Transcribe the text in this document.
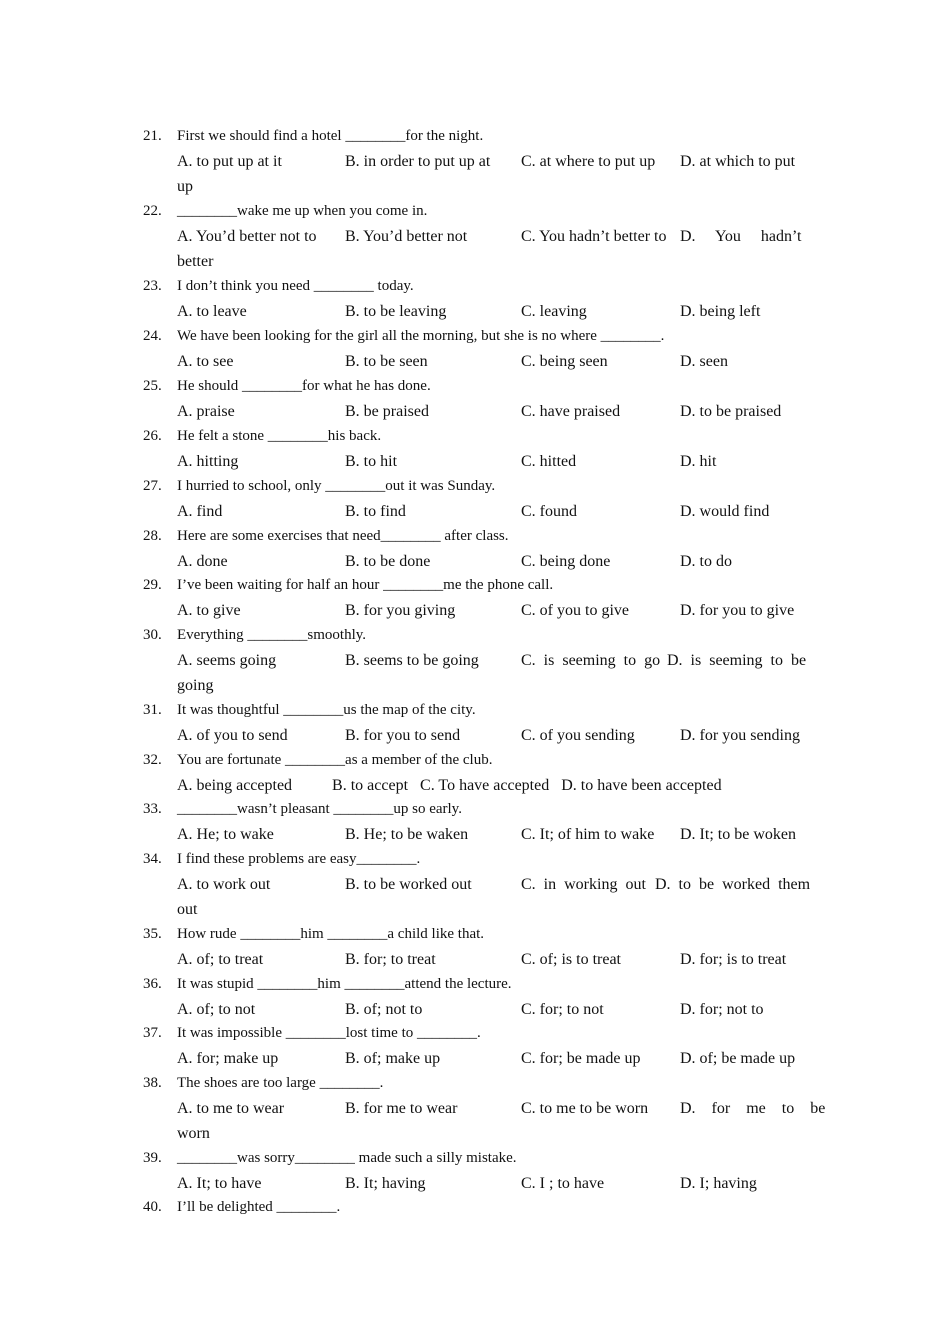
21. First we should find a hotel ________for the night.
A. to put up at it	B. in order to put up at C. at where to put up D. at which to put
up
22. ________wake me up when you come in.
A. You’d better not to B. You’d better not	C. You hadn’t better to D.     You     hadn’t
better
23. I don’t think you need ________ today.
A. to leave	B. to be leaving	C. leaving	D. being left
24. We have been looking for the girl all the morning, but she is no where ________.
A. to see	B. to be seen	C. being seen	D. seen
25. He should ________for what he has done.
A. praise	B. be praised	C. have praised	D. to be praised
26. He felt a stone ________his back.
A. hitting	B. to hit	C. hitted	D. hit
27. I hurried to school, only ________out it was Sunday.
A. find	B. to find	C. found	D. would find
28. Here are some exercises that need________ after class.
A. done	B. to be done	C. being done	D. to do
29. I’ve been waiting for half an hour ________me the phone call.
A. to give	B. for you giving	C. of you to give	D. for you to give
30. Everything ________smoothly.
A. seems going	B. seems to be going	C.  is  seeming  to  go D.  is  seeming  to  be
going
31. It was thoughtful ________us the map of the city.
A. of you to send	B. for you to send	C. of you sending	D. for you sending
32. You are fortunate ________as a member of the club.
A. being accepted          B. to accept   C. To have accepted   D. to have been accepted
33. ________wasn’t pleasant ________up so early.
A. He; to wake	B. He; to be waken	C. It; of him to wake D. It; to be woken
34. I find these problems are easy________.
A. to work out	B. to be worked out	C.  in  working  out D.  to  be  worked  them
out
35. How rude ________him ________a child like that.
A. of; to treat	B. for; to treat	C. of; is to treat	D. for; is to treat
36. It was stupid ________him ________attend the lecture.
A. of; to not	B. of; not to	C. for; to not	D. for; not to
37. It was impossible ________lost time to ________.
A. for; make up	B. of; make up	C. for; be made up D. of; be made up
38. The shoes are too large ________.
A. to me to wear	B. for me to wear	C. to me to be worn D.    for    me    to    be
worn
39. ________was sorry________ made such a silly mistake.
A. It; to have	B. It; having	C. I ; to have	D. I; having
40. I’ll be delighted ________.
